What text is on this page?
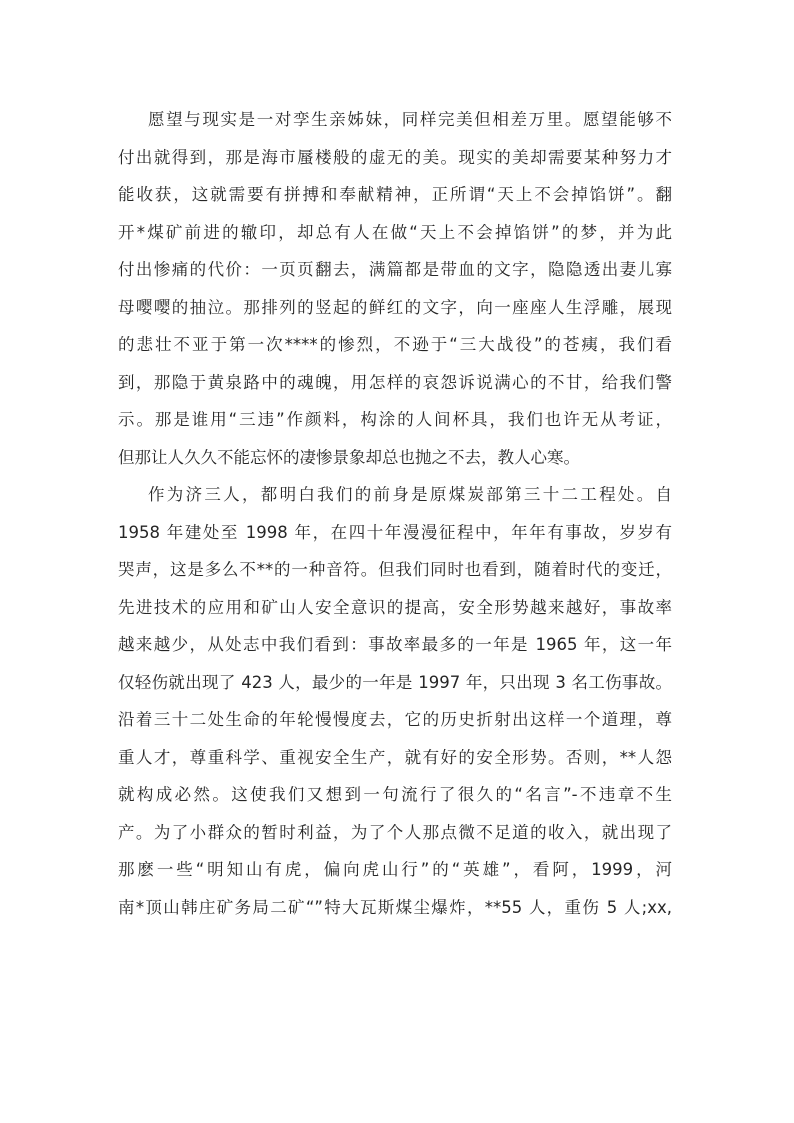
愿望与现实是一对孪生亲姊妹，同样完美但相差万里。愿望能够不
付出就得到，那是海市蜃楼般的虚无的美。现实的美却需要某种努力才
能收获，这就需要有拼搏和奉献精神，正所谓“天上不会掉馅饼”。翻
开*煤矿前进的辙印，却总有人在做“天上不会掉馅饼”的梦，并为此
付出惨痛的代价：一页页翻去，满篇都是带血的文字，隐隐透出妻儿寡
母嘤嘤的抽泣。那排列的竖起的鲜红的文字，向一座座人生浮雕，展现
的悲壮不亚于第一次****的惨烈，不逊于“三大战役”的苍痍，我们看
到，那隐于黄泉路中的魂魄，用怎样的哀怨诉说满心的不甘，给我们警
示。那是谁用“三违”作颜料，构涂的人间杯具，我们也许无从考证，
但那让人久久不能忘怀的凄惨景象却总也抛之不去，教人心寒。
作为济三人，都明白我们的前身是原煤炭部第三十二工程处。自
1958 年建处至 1998 年，在四十年漫漫征程中，年年有事故，岁岁有
哭声，这是多么不**的一种音符。但我们同时也看到，随着时代的变迁，
先进技术的应用和矿山人安全意识的提高，安全形势越来越好，事故率
越来越少，从处志中我们看到：事故率最多的一年是 1965 年，这一年
仅轻伤就出现了 423 人，最少的一年是 1997 年，只出现 3 名工伤事故。
沿着三十二处生命的年轮慢慢度去，它的历史折射出这样一个道理，尊
重人才，尊重科学、重视安全生产，就有好的安全形势。否则，**人怨
就构成必然。这使我们又想到一句流行了很久的“名言”-不违章不生
产。为了小群众的暂时利益，为了个人那点微不足道的收入，就出现了
那麽一些“明知山有虎，偏向虎山行”的“英雄”，看阿，1999，河
南*顶山韩庄矿务局二矿“”特大瓦斯煤尘爆炸，**55 人，重伤 5 人;xx,
